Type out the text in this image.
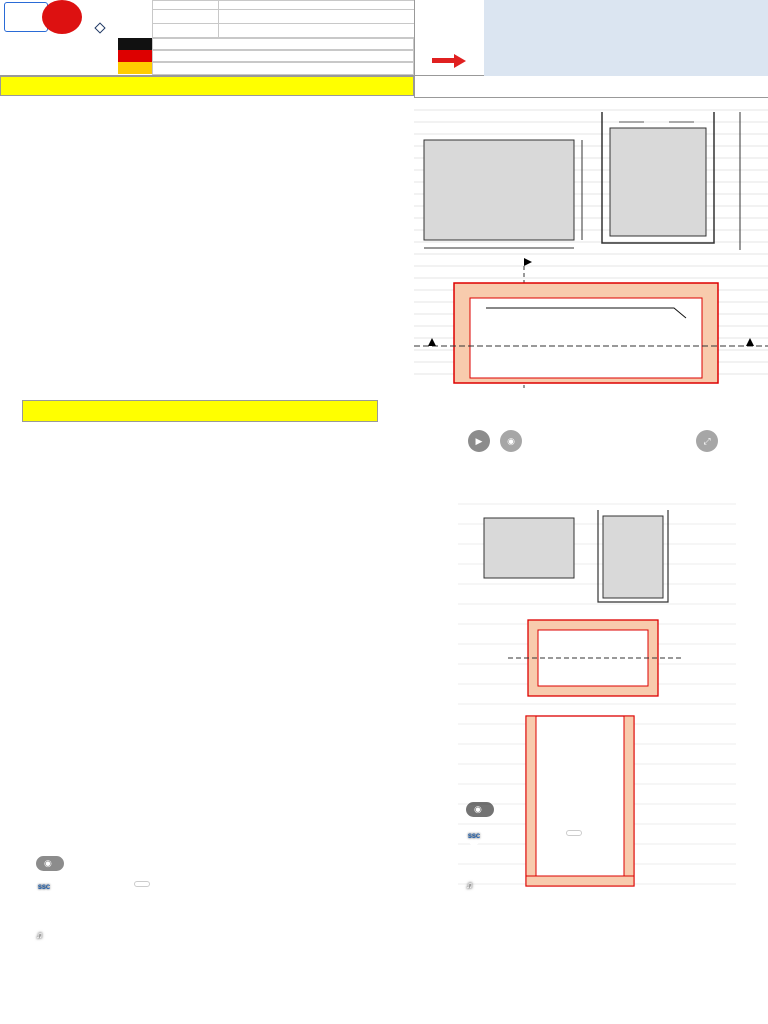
◉
SSC
♫
▶	◉	⤢
◉
SSC
♫
